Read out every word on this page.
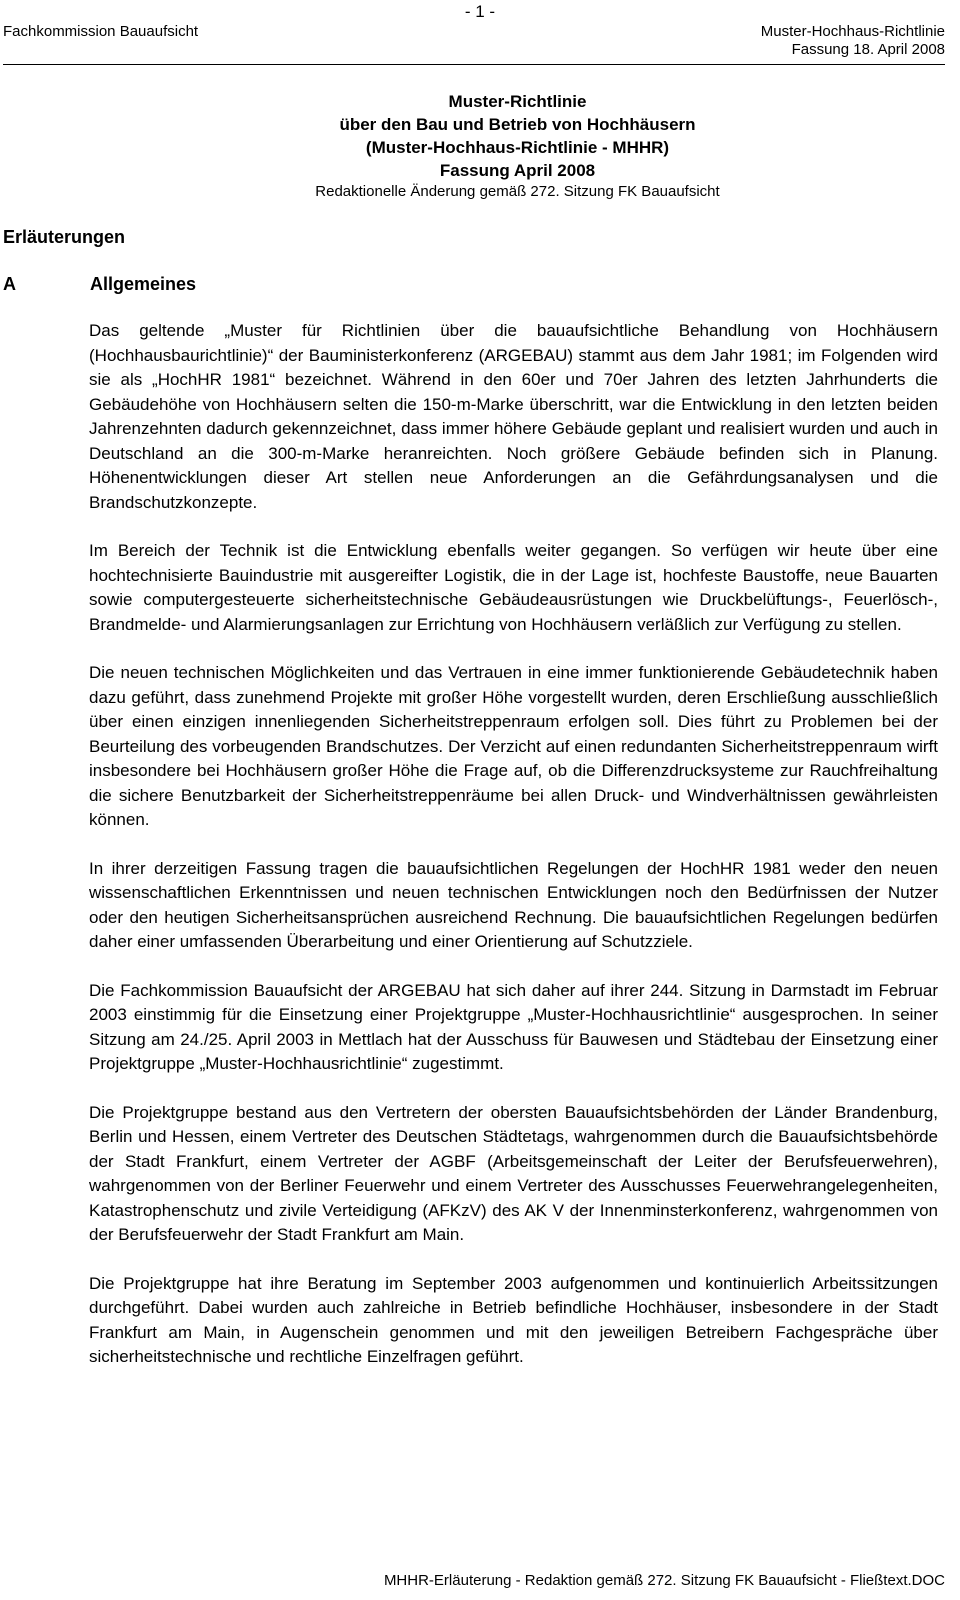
Fachkommission Bauaufsicht
- 1 -
Muster-Hochhaus-Richtlinie
Fassung 18. April 2008
Muster-Richtlinie
über den Bau und Betrieb von Hochhäusern
(Muster-Hochhaus-Richtlinie - MHHR)
Fassung April 2008
Redaktionelle Änderung gemäß 272. Sitzung FK Bauaufsicht
Erläuterungen
A	Allgemeines

Das geltende „Muster für Richtlinien über die bauaufsichtliche Behandlung von Hochhäusern (Hochhausbaurichtlinie)“ der Bauministerkonferenz (ARGEBAU) stammt aus dem Jahr 1981; im Folgenden wird sie als „HochHR 1981“ bezeichnet. Während in den 60er und 70er Jahren des letzten Jahrhunderts die Gebäudehöhe von Hochhäusern selten die 150-m-Marke überschritt, war die Entwicklung in den letzten beiden Jahrenzehnten dadurch gekennzeichnet, dass immer höhere Gebäude geplant und realisiert wurden und auch in Deutschland an die 300-m-Marke heranreichten. Noch größere Gebäude befinden sich in Planung. Höhenentwicklungen dieser Art stellen neue Anforderungen an die Gefährdungsanalysen und die Brandschutzkonzepte.

Im Bereich der Technik ist die Entwicklung ebenfalls weiter gegangen. So verfügen wir heute über eine hochtechnisierte Bauindustrie mit ausgereifter Logistik, die in der Lage ist, hochfeste Baustoffe, neue Bauarten sowie computergesteuerte sicherheitstechnische Gebäudeausrüstungen wie Druckbelüftungs-, Feuerlösch-, Brandmelde- und Alarmierungsanlagen zur Errichtung von Hochhäusern verläßlich zur Verfügung zu stellen.

Die neuen technischen Möglichkeiten und das Vertrauen in eine immer funktionierende Gebäudetechnik haben dazu geführt, dass zunehmend Projekte mit großer Höhe vorgestellt wurden, deren Erschließung ausschließlich über einen einzigen innenliegenden Sicherheitstreppenraum erfolgen soll. Dies führt zu Problemen bei der Beurteilung des vorbeugenden Brandschutzes. Der Verzicht auf einen redundanten Sicherheitstreppenraum wirft insbesondere bei Hochhäusern großer Höhe die Frage auf, ob die Differenzdrucksysteme zur Rauchfreihaltung die sichere Benutzbarkeit der Sicherheitstreppenräume bei allen Druck- und Windverhältnissen gewährleisten können.

In ihrer derzeitigen Fassung tragen die bauaufsichtlichen Regelungen der HochHR 1981 weder den neuen wissenschaftlichen Erkenntnissen und neuen technischen Entwicklungen noch den Bedürfnissen der Nutzer oder den heutigen Sicherheitsansprüchen ausreichend Rechnung. Die bauaufsichtlichen Regelungen bedürfen daher einer umfassenden Überarbeitung und einer Orientierung auf Schutzziele.

Die Fachkommission Bauaufsicht der ARGEBAU hat sich daher auf ihrer 244. Sitzung in Darmstadt im Februar 2003 einstimmig für die Einsetzung einer Projektgruppe „Muster-Hochhausrichtlinie“ ausgesprochen. In seiner Sitzung am 24./25. April 2003 in Mettlach hat der Ausschuss für Bauwesen und Städtebau der Einsetzung einer Projektgruppe „Muster-Hochhausrichtlinie“ zugestimmt.

Die Projektgruppe bestand aus den Vertretern der obersten Bauaufsichtsbehörden der Länder Brandenburg, Berlin und Hessen, einem Vertreter des Deutschen Städtetags, wahrgenommen durch die Bauaufsichtsbehörde der Stadt Frankfurt, einem Vertreter der AGBF (Arbeitsgemeinschaft der Leiter der Berufsfeuerwehren), wahrgenommen von der Berliner Feuerwehr und einem Vertreter des Ausschusses Feuerwehrangelegenheiten, Katastrophenschutz und zivile Verteidigung (AFKzV) des AK V der Innenminsterkonferenz, wahrgenommen von der Berufsfeuerwehr der Stadt Frankfurt am Main.

Die Projektgruppe hat ihre Beratung im September 2003 aufgenommen und kontinuierlich Arbeitssitzungen durchgeführt. Dabei wurden auch zahlreiche in Betrieb befindliche Hochhäuser, insbesondere in der Stadt Frankfurt am Main, in Augenschein genommen und mit den jeweiligen Betreibern Fachgespräche über sicherheitstechnische und rechtliche Einzelfragen geführt.

MHHR-Erläuterung - Redaktion gemäß 272. Sitzung FK Bauaufsicht - Fließtext.DOC
